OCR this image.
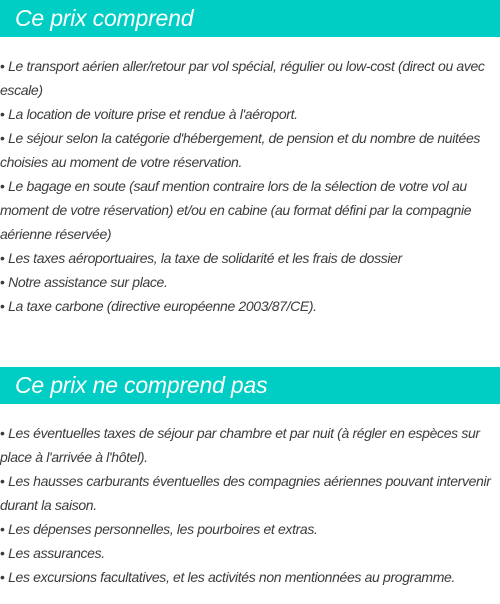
Ce prix comprend
• Le transport aérien aller/retour par vol spécial, régulier ou low-cost (direct ou avec escale)
• La location de voiture prise et rendue à l'aéroport.
• Le séjour selon la catégorie d'hébergement, de pension et du nombre de nuitées choisies au moment de votre réservation.
• Le bagage en soute (sauf mention contraire lors de la sélection de votre vol au moment de votre réservation) et/ou en cabine (au format défini par la compagnie aérienne réservée)
• Les taxes aéroportuaires, la taxe de solidarité et les frais de dossier
• Notre assistance sur place.
• La taxe carbone (directive européenne 2003/87/CE).
Ce prix ne comprend pas
• Les éventuelles taxes de séjour par chambre et par nuit (à régler en espèces sur place à l'arrivée à l'hôtel).
• Les hausses carburants éventuelles des compagnies aériennes pouvant intervenir durant la saison.
• Les dépenses personnelles, les pourboires et extras.
• Les assurances.
• Les excursions facultatives, et les activités non mentionnées au programme.
